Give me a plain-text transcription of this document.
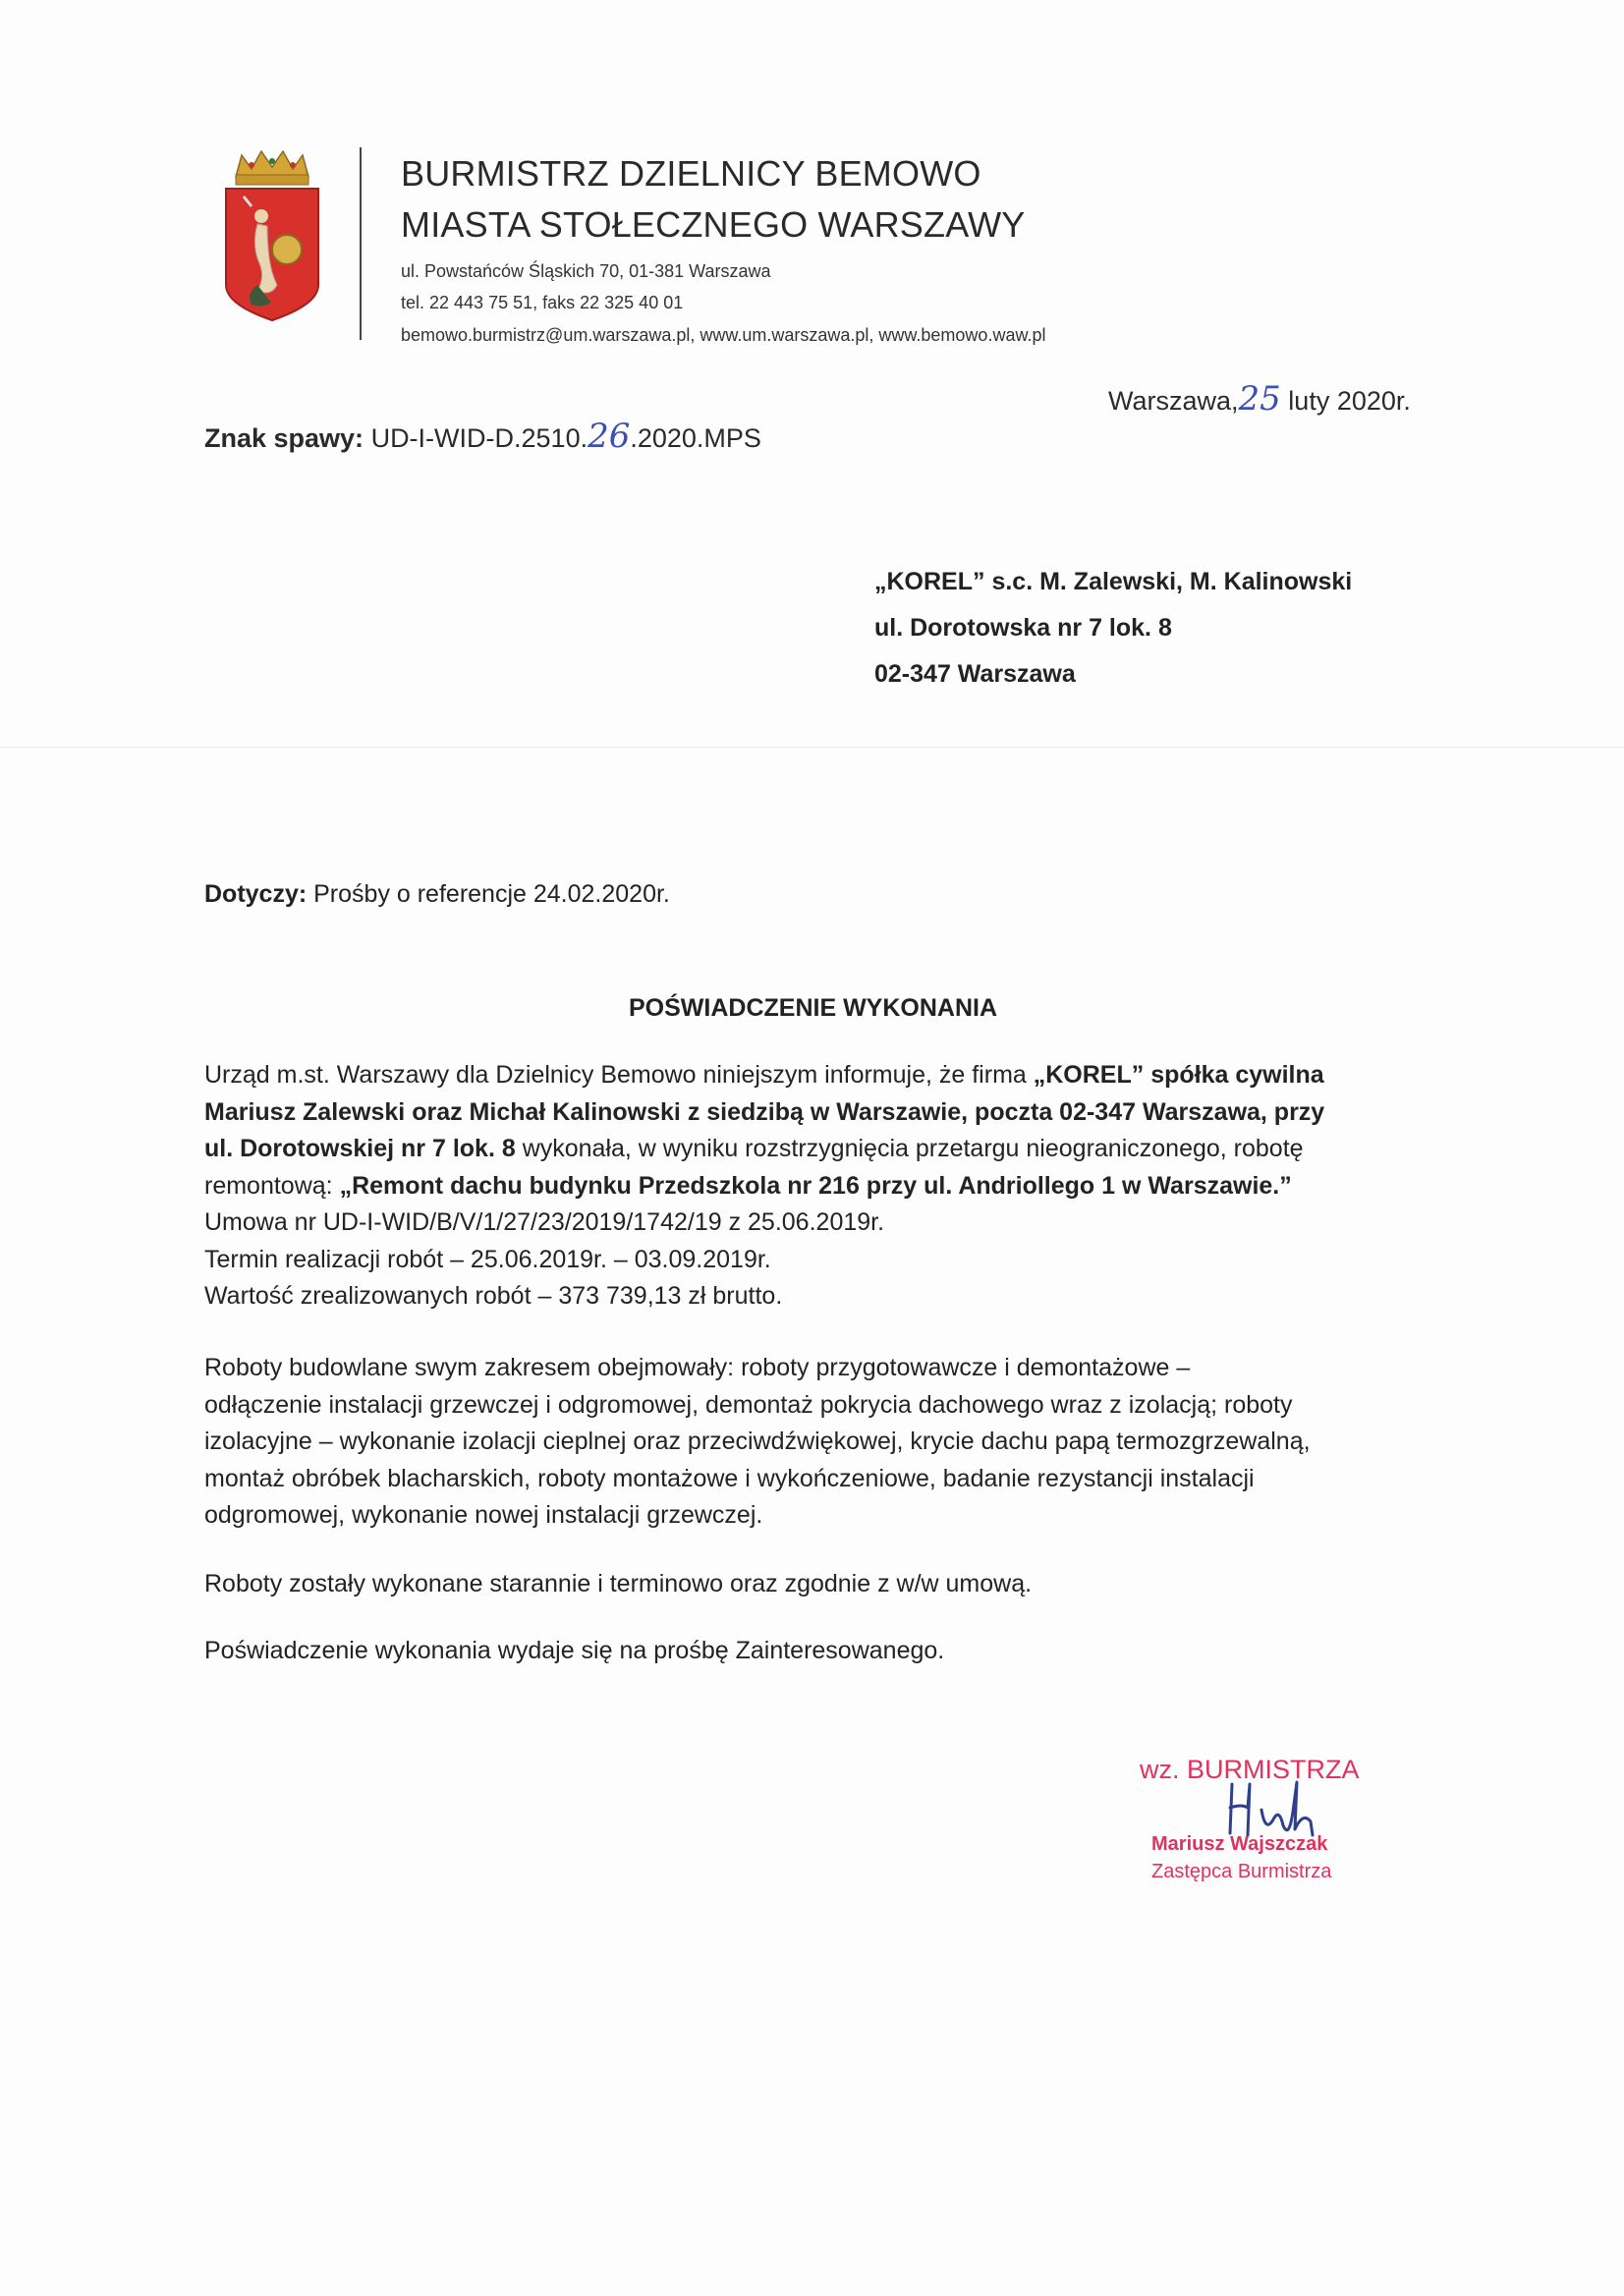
BURMISTRZ DZIELNICY BEMOWO
MIASTA STOŁECZNEGO WARSZAWY
ul. Powstańców Śląskich 70, 01-381 Warszawa
tel. 22 443 75 51, faks 22 325 40 01
bemowo.burmistrz@um.warszawa.pl, www.um.warszawa.pl, www.bemowo.waw.pl
Warszawa,25 luty 2020r.
Znak spawy: UD-I-WID-D.2510.26.2020.MPS
„KOREL” s.c. M. Zalewski, M. Kalinowski
ul. Dorotowska nr 7 lok. 8
02-347 Warszawa
Dotyczy: Prośby o referencje 24.02.2020r.
POŚWIADCZENIE WYKONANIA
Urząd m.st. Warszawy dla Dzielnicy Bemowo niniejszym informuje, że firma „KOREL” spółka cywilna
Mariusz Zalewski oraz Michał Kalinowski z siedzibą w Warszawie, poczta 02-347 Warszawa, przy
ul. Dorotowskiej nr 7 lok. 8 wykonała, w wyniku rozstrzygnięcia przetargu nieograniczonego, robotę
remontową: „Remont dachu budynku Przedszkola nr 216 przy ul. Andriollego 1 w Warszawie.”
Umowa nr UD-I-WID/B/V/1/27/23/2019/1742/19 z 25.06.2019r.
Termin realizacji robót – 25.06.2019r. – 03.09.2019r.
Wartość zrealizowanych robót – 373 739,13 zł brutto.
Roboty budowlane swym zakresem obejmowały: roboty przygotowawcze i demontażowe –
odłączenie instalacji grzewczej i odgromowej, demontaż pokrycia dachowego wraz z izolacją; roboty
izolacyjne – wykonanie izolacji cieplnej oraz przeciwdźwiękowej, krycie dachu papą termozgrzewalną,
montaż obróbek blacharskich, roboty montażowe i wykończeniowe, badanie rezystancji instalacji
odgromowej, wykonanie nowej instalacji grzewczej.
Roboty zostały wykonane starannie i terminowo oraz zgodnie z w/w umową.
Poświadczenie wykonania wydaje się na prośbę Zainteresowanego.
wz. BURMISTRZA
Mariusz Wajszczak
Zastępca Burmistrza
